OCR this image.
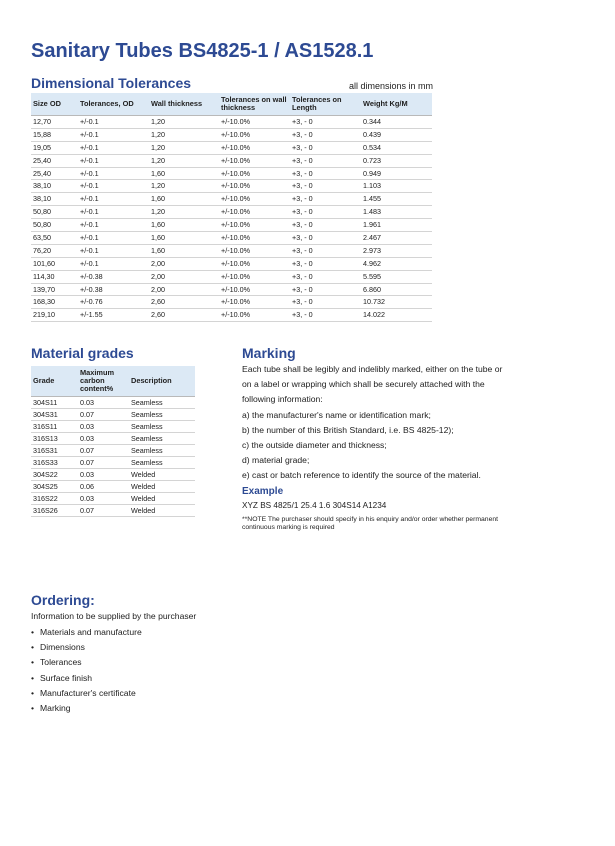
Sanitary Tubes BS4825-1 / AS1528.1
Dimensional Tolerances	all dimensions in mm
Size OD	Tolerances, OD	Wall thickness	Tolerances on wall thickness	Tolerances on Length	Weight Kg/M
12,70	+/-0.1	1,20	+/-10.0%	+3, - 0	0.344
15,88	+/-0.1	1,20	+/-10.0%	+3, - 0	0.439
19,05	+/-0.1	1,20	+/-10.0%	+3, - 0	0.534
25,40	+/-0.1	1,20	+/-10.0%	+3, - 0	0.723
25,40	+/-0.1	1,60	+/-10.0%	+3, - 0	0.949
38,10	+/-0.1	1,20	+/-10.0%	+3, - 0	1.103
38,10	+/-0.1	1,60	+/-10.0%	+3, - 0	1.455
50,80	+/-0.1	1,20	+/-10.0%	+3, - 0	1.483
50,80	+/-0.1	1,60	+/-10.0%	+3, - 0	1.961
63,50	+/-0.1	1,60	+/-10.0%	+3, - 0	2.467
76,20	+/-0.1	1,60	+/-10.0%	+3, - 0	2.973
101,60	+/-0.1	2,00	+/-10.0%	+3, - 0	4.962
114,30	+/-0.38	2,00	+/-10.0%	+3, - 0	5.595
139,70	+/-0.38	2,00	+/-10.0%	+3, - 0	6.860
168,30	+/-0.76	2,60	+/-10.0%	+3, - 0	10.732
219,10	+/-1.55	2,60	+/-10.0%	+3, - 0	14.022
Material grades
Grade	Maximum carbon content%	Description
304S11	0.03	Seamless
304S31	0.07	Seamless
316S11	0.03	Seamless
316S13	0.03	Seamless
316S31	0.07	Seamless
316S33	0.07	Seamless
304S22	0.03	Welded
304S25	0.06	Welded
316S22	0.03	Welded
316S26	0.07	Welded
Marking

Each tube shall be legibly and indelibly marked, either on the tube or on a label or wrapping which shall be securely attached with the following information:

a) the manufacturer's name or identification mark;

b) the number of this British Standard, i.e. BS 4825-12);

c) the outside diameter and thickness;

d) material grade;

e) cast or batch reference to identify the source of the material.

Example
XYZ BS 4825/1 25.4 1.6 304S14 A1234
**NOTE The purchaser should specify in his enquiry and/or order whether permanent continuous marking is required
Ordering:
Information to be supplied by the purchaser
• Materials and manufacture
• Dimensions
• Tolerances
• Surface finish
• Manufacturer's certificate
• Marking
